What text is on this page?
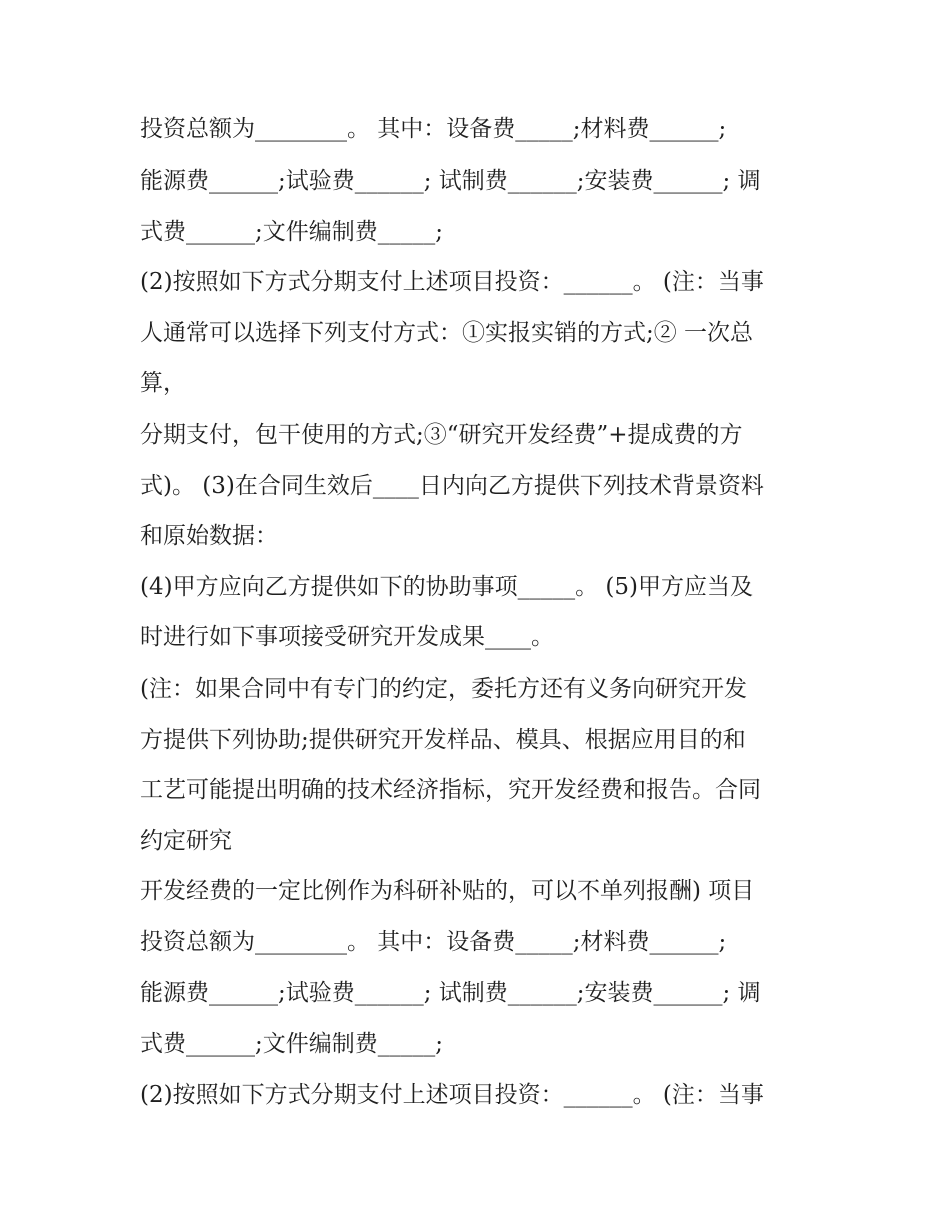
投资总额为________。 其中：设备费_____;材料费______;
能源费______;试验费______; 试制费______;安装费______; 调
式费______;文件编制费_____;
(2)按照如下方式分期支付上述项目投资：______。 (注：当事
人通常可以选择下列支付方式：①实报实销的方式;② 一次总
算，
分期支付，包干使用的方式;③“研究开发经费”+提成费的方
式)。 (3)在合同生效后____日内向乙方提供下列技术背景资料
和原始数据：
(4)甲方应向乙方提供如下的协助事项_____。 (5)甲方应当及
时进行如下事项接受研究开发成果____。
(注：如果合同中有专门的约定，委托方还有义务向研究开发
方提供下列协助;提供研究开发样品、模具、根据应用目的和
工艺可能提出明确的技术经济指标，究开发经费和报告。合同
约定研究
开发经费的一定比例作为科研补贴的，可以不单列报酬) 项目
投资总额为________。 其中：设备费_____;材料费______;
能源费______;试验费______; 试制费______;安装费______; 调
式费______;文件编制费_____;
(2)按照如下方式分期支付上述项目投资：______。 (注：当事
